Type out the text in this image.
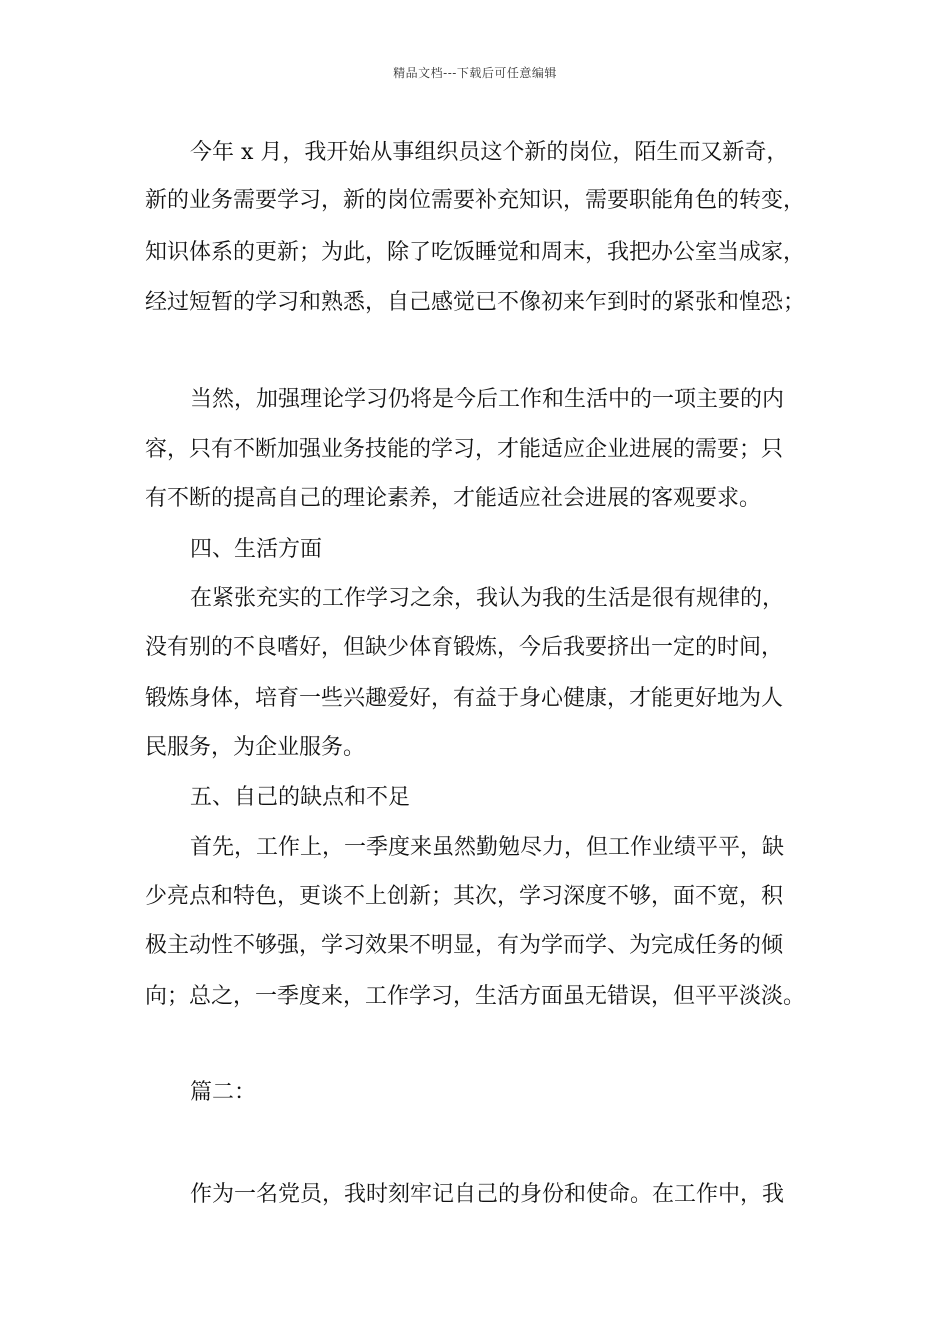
精品文档---下载后可任意编辑
今年 x 月，我开始从事组织员这个新的岗位，陌生而又新奇，
新的业务需要学习，新的岗位需要补充知识，需要职能角色的转变，
知识体系的更新；为此，除了吃饭睡觉和周末，我把办公室当成家，
经过短暂的学习和熟悉，自己感觉已不像初来乍到时的紧张和惶恐；
当然，加强理论学习仍将是今后工作和生活中的一项主要的内
容，只有不断加强业务技能的学习，才能适应企业进展的需要；只
有不断的提高自己的理论素养，才能适应社会进展的客观要求。
四、生活方面
在紧张充实的工作学习之余，我认为我的生活是很有规律的，
没有别的不良嗜好，但缺少体育锻炼，今后我要挤出一定的时间，
锻炼身体，培育一些兴趣爱好，有益于身心健康，才能更好地为人
民服务，为企业服务。
五、自己的缺点和不足
首先，工作上，一季度来虽然勤勉尽力，但工作业绩平平，缺
少亮点和特色，更谈不上创新；其次，学习深度不够，面不宽，积
极主动性不够强，学习效果不明显，有为学而学、为完成任务的倾
向；总之，一季度来，工作学习，生活方面虽无错误，但平平淡淡。
篇二：
作为一名党员，我时刻牢记自己的身份和使命。在工作中，我
